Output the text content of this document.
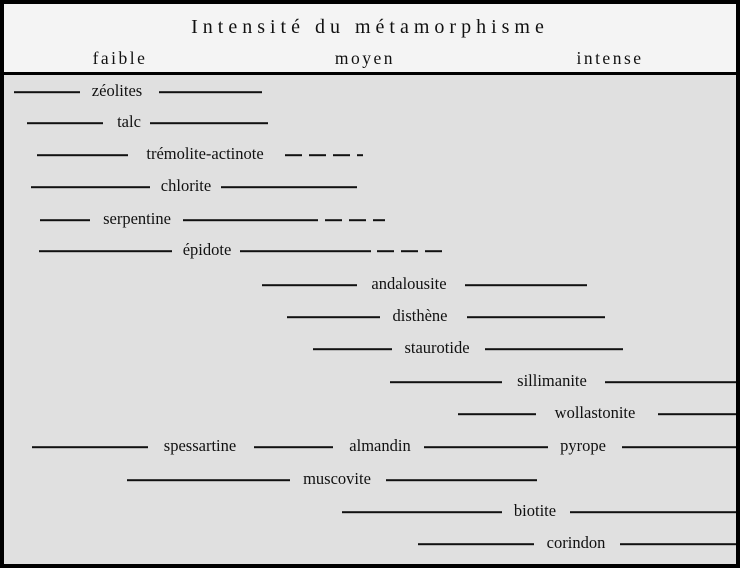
Intensité du métamorphisme
faible	moyen	intense
zéolites
talc
trémolite-actinote
chlorite
serpentine
épidote
andalousite
disthène
staurotide
sillimanite
wollastonite
spessartine	almandin	pyrope
muscovite
biotite
corindon
